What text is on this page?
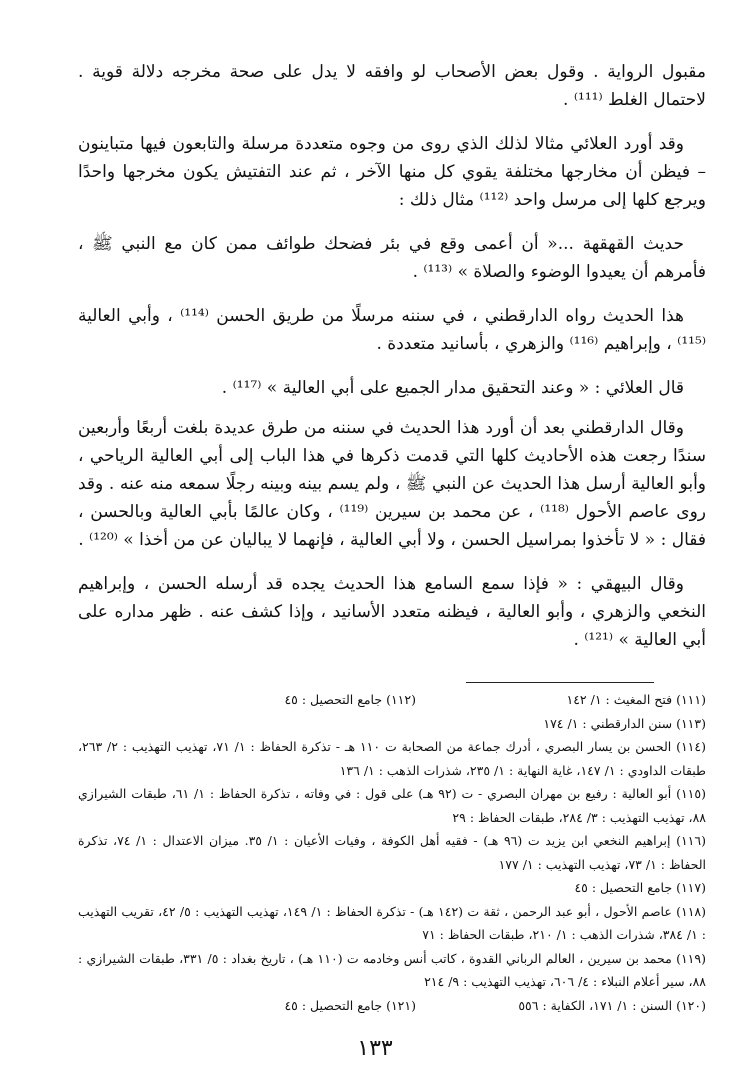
مقبول الرواية . وقول بعض الأصحاب لو وافقه لا يدل على صحة مخرجه دلالة قوية . لاحتمال الغلط ⁽¹¹¹⁾ .

وقد أورد العلائي مثالا لذلك الذي روى من وجوه متعددة مرسلة والتابعون فيها متباينون – فيظن أن مخارجها مختلفة يقوي كل منها الآخر ، ثم عند التفتيش يكون مخرجها واحدًا ويرجع كلها إلى مرسل واحد ⁽¹¹²⁾ مثال ذلك :

حديث القهقهة ...« أن أعمى وقع في بئر فضحك طوائف ممن كان مع النبي ﷺ ، فأمرهم أن يعيدوا الوضوء والصلاة » ⁽¹¹³⁾ .

هذا الحديث رواه الدارقطني ، في سننه مرسلًا من طريق الحسن ⁽¹¹⁴⁾ ، وأبي العالية ⁽¹¹⁵⁾ ، وإبراهيم ⁽¹¹⁶⁾ والزهري ، بأسانيد متعددة .

قال العلائي : « وعند التحقيق مدار الجميع على أبي العالية » ⁽¹¹⁷⁾ .

وقال الدارقطني بعد أن أورد هذا الحديث في سننه من طرق عديدة بلغت أربعًا وأربعين سندًا رجعت هذه الأحاديث كلها التي قدمت ذكرها في هذا الباب إلى أبي العالية الرياحي ، وأبو العالية أرسل هذا الحديث عن النبي ﷺ ، ولم يسم بينه وبينه رجلًا سمعه منه عنه . وقد روى عاصم الأحول ⁽¹¹⁸⁾ ، عن محمد بن سيرين ⁽¹¹⁹⁾ ، وكان عالمًا بأبي العالية وبالحسن ، فقال : « لا تأخذوا بمراسيل الحسن ، ولا أبي العالية ، فإنهما لا يباليان عن من أخذا » ⁽¹²⁰⁾ .

وقال البيهقي : « فإذا سمع السامع هذا الحديث يجده قد أرسله الحسن ، وإبراهيم النخعي والزهري ، وأبو العالية ، فيظنه متعدد الأسانيد ، وإذا كشف عنه . ظهر مداره على أبي العالية » ⁽¹²¹⁾ .

(١١١) فتح المغيث : ١/ ١٤٢
(١١٢) جامع التحصيل : ٤٥
(١١٣) سنن الدارقطني : ١/ ١٧٤
(١١٤) الحسن بن يسار البصري ، أدرك جماعة من الصحابة ت ١١٠ هـ - تذكرة الحفاظ : ١/ ٧١، تهذيب التهذيب : ٢/ ٢٦٣، طبقات الداودي : ١/ ١٤٧، غاية النهاية : ١/ ٢٣٥، شذرات الذهب : ١/ ١٣٦
(١١٥) أبو العالية : رفيع بن مهران البصري - ت (٩٢ هـ) على قول : في وفاته ، تذكرة الحفاظ : ١/ ٦١، طبقات الشيرازي ٨٨، تهذيب التهذيب : ٣/ ٢٨٤، طبقات الحفاظ : ٢٩
(١١٦) إبراهيم النخعي ابن يزيد ت (٩٦ هـ) - فقيه أهل الكوفة ، وفيات الأعيان : ١/ ٣٥. ميزان الاعتدال : ١/ ٧٤، تذكرة الحفاظ : ١/ ٧٣، تهذيب التهذيب : ١/ ١٧٧
(١١٧) جامع التحصيل : ٤٥
(١١٨) عاصم الأحول ، أبو عبد الرحمن ، ثقة ت (١٤٢ هـ) - تذكرة الحفاظ : ١/ ١٤٩، تهذيب التهذيب : ٥/ ٤٢، تقريب التهذيب : ١/ ٣٨٤، شذرات الذهب : ١/ ٢١٠، طبقات الحفاظ : ٧١
(١١٩) محمد بن سيرين ، العالم الرباني القدوة ، كاتب أنس وخادمه ت (١١٠ هـ) ، تاريخ بغداد : ٥/ ٣٣١، طبقات الشيرازي : ٨٨، سير أعلام النبلاء : ٤/ ٦٠٦، تهذيب التهذيب : ٩/ ٢١٤
(١٢٠) السنن : ١/ ١٧١، الكفاية : ٥٥٦
(١٢١) جامع التحصيل : ٤٥
١٣٣
